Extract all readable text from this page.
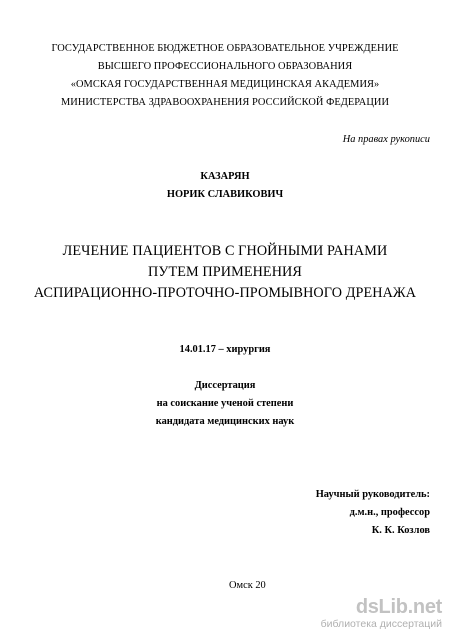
ГОСУДАРСТВЕННОЕ БЮДЖЕТНОЕ ОБРАЗОВАТЕЛЬНОЕ УЧРЕЖДЕНИЕ
ВЫСШЕГО ПРОФЕССИОНАЛЬНОГО ОБРАЗОВАНИЯ
«ОМСКАЯ ГОСУДАРСТВЕННАЯ МЕДИЦИНСКАЯ АКАДЕМИЯ»
МИНИСТЕРСТВА ЗДРАВООХРАНЕНИЯ РОССИЙСКОЙ ФЕДЕРАЦИИ
На правах рукописи
КАЗАРЯН
НОРИК СЛАВИКОВИЧ
ЛЕЧЕНИЕ ПАЦИЕНТОВ С ГНОЙНЫМИ РАНАМИ
ПУТЕМ ПРИМЕНЕНИЯ
АСПИРАЦИОННО-ПРОТОЧНО-ПРОМЫВНОГО ДРЕНАЖА
14.01.17 – хирургия
Диссертация
на соискание ученой степени
кандидата медицинских наук
Научный руководитель:
д.м.н., профессор
К. К. Козлов
Омск 20
dsLib.net
библиотека диссертаций
